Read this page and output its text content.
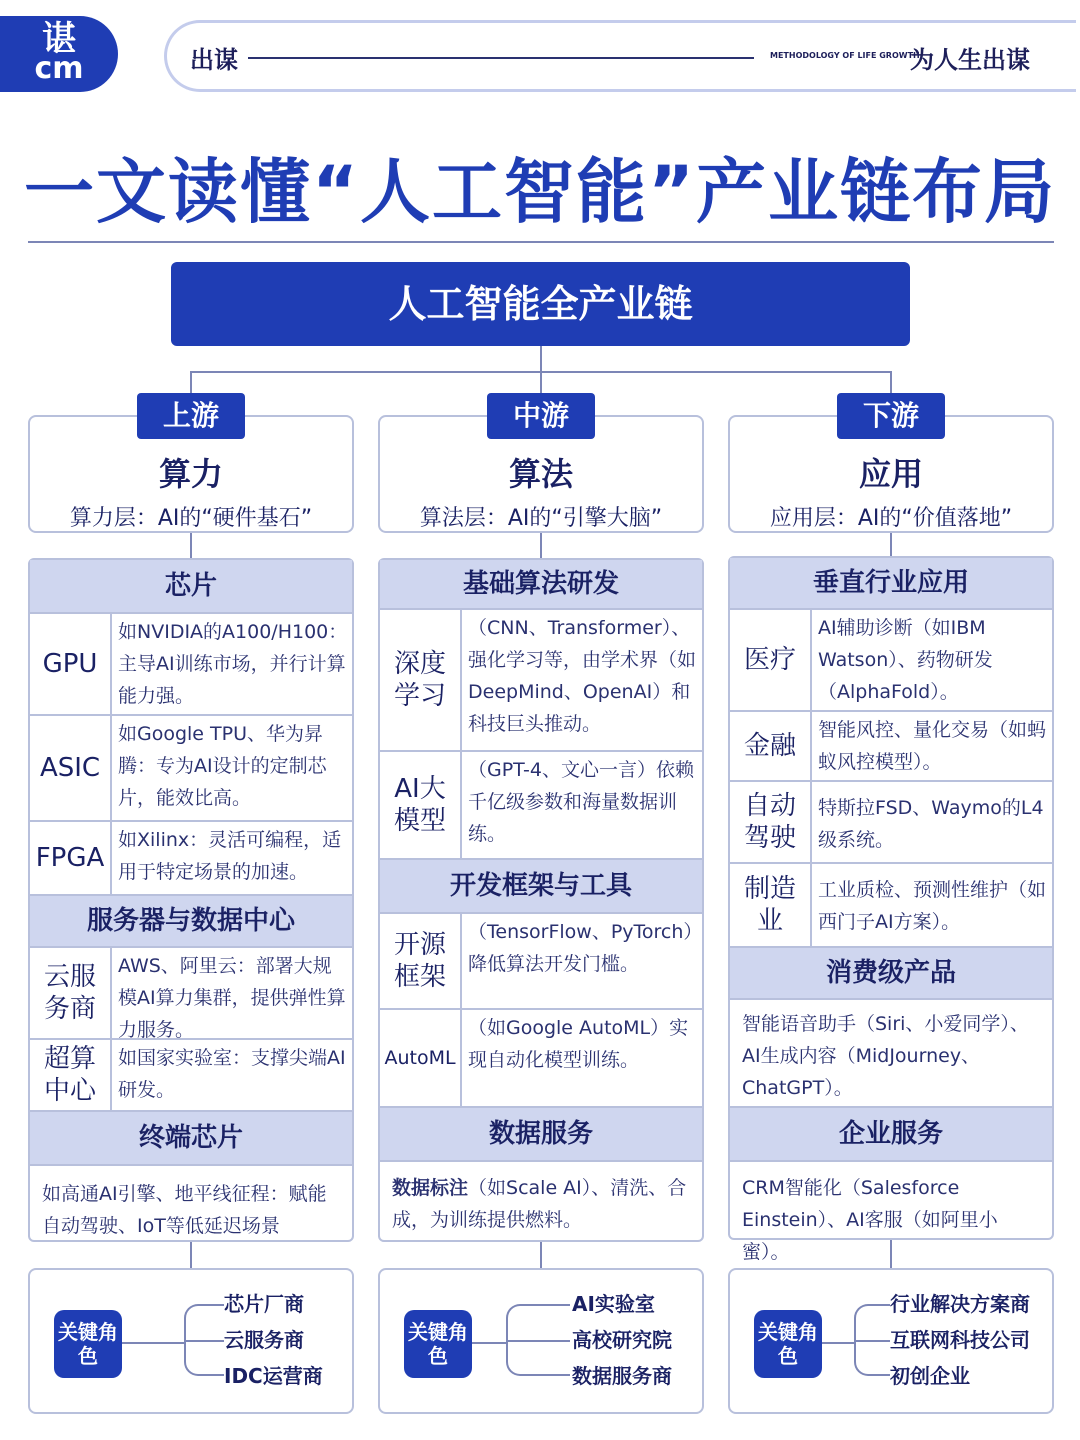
谌
cm	出谋	METHODOLOGY OF LIFE GROWTH
为人生出谋
一文读懂“人工智能”产业链布局
人工智能全产业链
算力
算力层：AI的“硬件基石”
上游
算法
算法层：AI的“引擎大脑”
中游
应用
应用层：AI的“价值落地”
下游
芯片
GPU
如NVIDIA的A100/H100：主导AI训练市场，并行计算能力强。
ASIC
如Google TPU、华为昇腾：专为AI设计的定制芯片，能效比高。
FPGA
如Xilinx：灵活可编程，适用于特定场景的加速。
服务器与数据中心
云服务商
AWS、阿里云：部署大规模AI算力集群，提供弹性算力服务。
超算中心
如国家实验室：支撑尖端AI研发。
终端芯片
如高通AI引擎、地平线征程：赋能自动驾驶、IoT等低延迟场景
基础算法研发
深度学习
（CNN、Transformer）、强化学习等，由学术界（如DeepMind、OpenAI）和科技巨头推动。
AI大模型
（GPT-4、文心一言）依赖千亿级参数和海量数据训练。
开发框架与工具
开源框架
（TensorFlow、PyTorch）降低算法开发门槛。
AutoML
（如Google AutoML）实现自动化模型训练。
数据服务
数据标注（如Scale AI）、清洗、合成，为训练提供燃料。
垂直行业应用
医疗
AI辅助诊断（如IBM Watson）、药物研发（AlphaFold）。
金融
智能风控、量化交易（如蚂蚁风控模型）。
自动驾驶
特斯拉FSD、Waymo的L4级系统。
制造业
工业质检、预测性维护（如西门子AI方案）。
消费级产品
智能语音助手（Siri、小爱同学）、AI生成内容（MidJourney、ChatGPT）。
企业服务
CRM智能化（Salesforce Einstein）、AI客服（如阿里小蜜）。
关键角色
芯片厂商
云服务商
IDC运营商
关键角色
AI实验室
高校研究院
数据服务商
关键角色
行业解决方案商
互联网科技公司
初创企业
